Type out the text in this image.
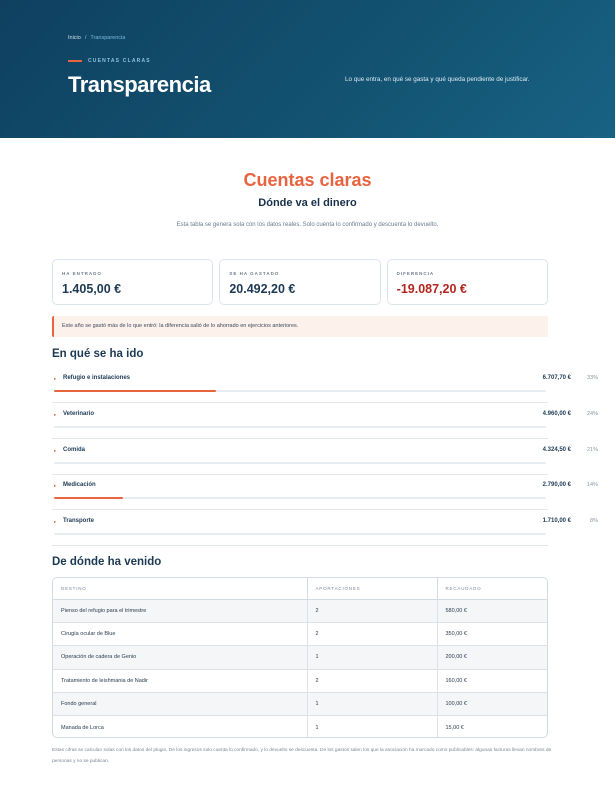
Inicio / Transparencia
CUENTAS CLARAS
Transparencia	Lo que entra, en qué se gasta y qué queda pendiente de justificar.

Cuentas claras
Dónde va el dinero

Esta tabla se genera sola con los datos reales. Solo cuenta lo confirmado y descuenta lo devuelto.

HA ENTRADO
1.405,00 €
SE HA GASTADO
20.492,20 €
DIFERENCIA
-19.087,20 €
Este año se gastó más de lo que entró: la diferencia salió de lo ahorrado en ejercicios anteriores.
En qué se ha ido
▸ Refugio e instalaciones	6.707,70 €	33%
▸ Veterinario	4.960,00 €	24%
▸ Comida	4.324,50 €	21%
▸ Medicación	2.790,00 €	14%
▸ Transporte	1.710,00 €	8%
De dónde ha venido
DESTINO	APORTACIONES	RECAUDADO
Pienso del refugio para el trimestre	2	580,00 €
Cirugía ocular de Blue	2	350,00 €
Operación de cadera de Genio	1	200,00 €
Tratamiento de leishmania de Nadir	2	160,00 €
Fondo general	1	100,00 €
Manada de Lorca	1	15,00 €

Estas cifras se calculan solas con los datos del plugin. De los ingresos solo cuenta lo confirmado, y lo devuelto se descuenta. De los gastos salen los que la asociación ha marcado como publicables: algunas facturas llevan nombres de personas y no se publican.
